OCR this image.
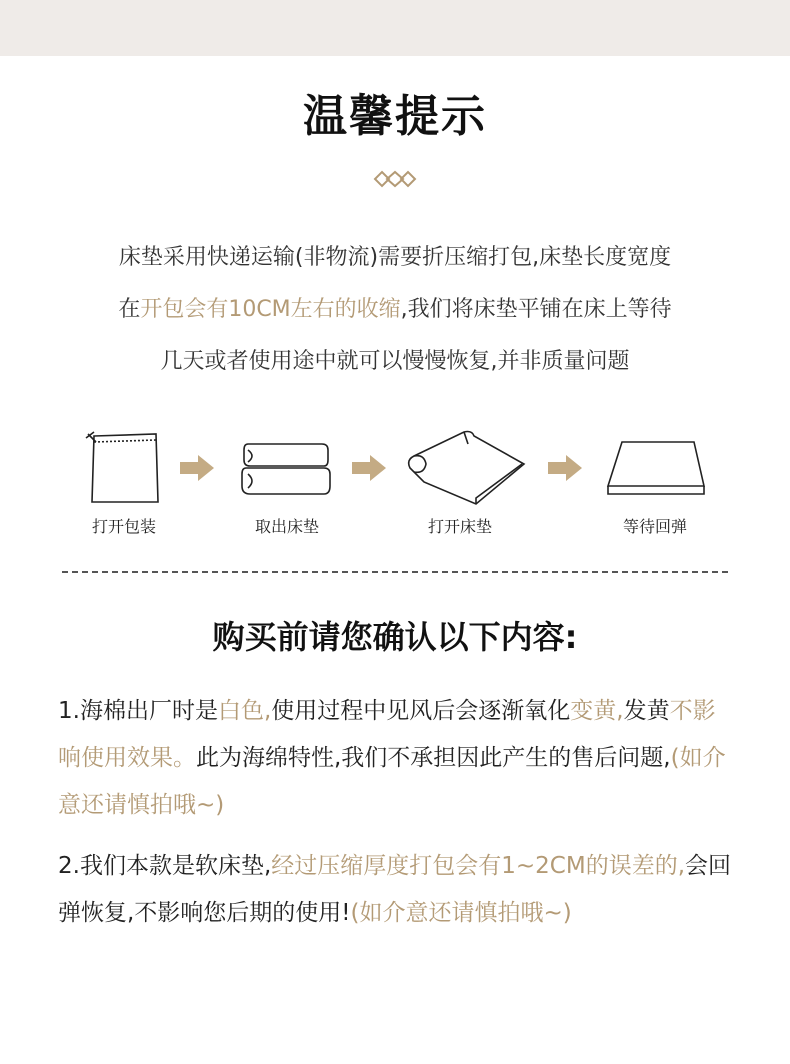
温馨提示
床垫采用快递运输(非物流)需要折压缩打包,床垫长度宽度
在开包会有10CM左右的收缩,我们将床垫平铺在床上等待
几天或者使用途中就可以慢慢恢复,并非质量问题
打开包装	取出床垫	打开床垫	等待回弹
购买前请您确认以下内容:

1.海棉出厂时是白色,使用过程中见风后会逐渐氧化变黄,发黄不影响使用效果。此为海绵特性,我们不承担因此产生的售后问题,(如介意还请慎拍哦~)

2.我们本款是软床垫,经过压缩厚度打包会有1~2CM的误差的,会回弹恢复,不影响您后期的使用!(如介意还请慎拍哦~)
